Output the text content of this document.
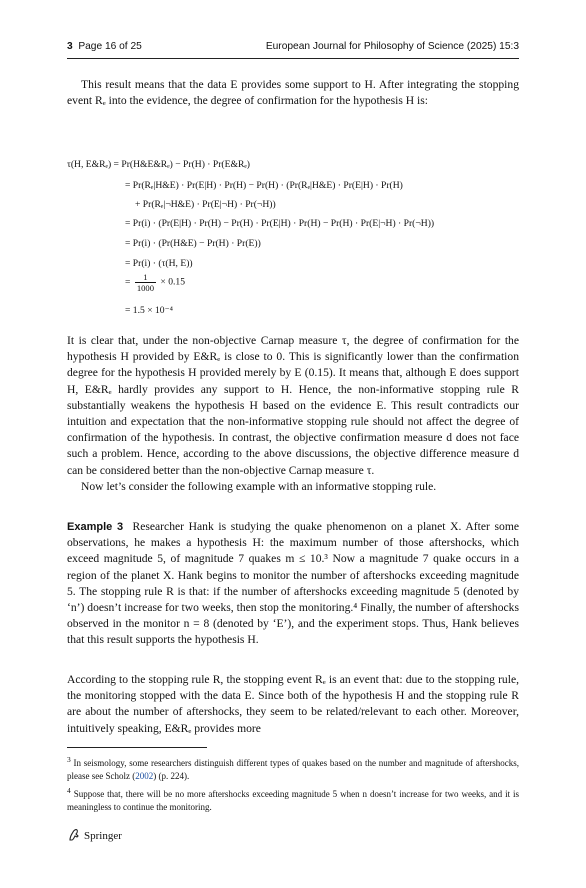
3 Page 16 of 25	European Journal for Philosophy of Science (2025) 15:3

This result means that the data E provides some support to H. After integrating the stopping event Rₑ into the evidence, the degree of confirmation for the hypothesis H is:

τ(H, E&Rₑ) = Pr(H&E&Rₑ) − Pr(H) · Pr(E&Rₑ)
= Pr(Rₑ|H&E) · Pr(E|H) · Pr(H) − Pr(H) · (Pr(Rₑ|H&E) · Pr(E|H) · Pr(H)
+ Pr(Rₑ|¬H&E) · Pr(E|¬H) · Pr(¬H))
= Pr(i) · (Pr(E|H) · Pr(H) − Pr(H) · Pr(E|H) · Pr(H) − Pr(H) · Pr(E|¬H) · Pr(¬H))
= Pr(i) · (Pr(H&E) − Pr(H) · Pr(E))
= Pr(i) · (τ(H, E))
= $\frac{1}{1000} \times 0.15$
= 1.5 × 10⁻⁴

It is clear that, under the non-objective Carnap measure τ, the degree of confirmation for the hypothesis H provided by E&Rₑ is close to 0. This is significantly lower than the confirmation degree for the hypothesis H provided merely by E (0.15). It means that, although E does support H, E&Rₑ hardly provides any support to H. Hence, the non-informative stopping rule R substantially weakens the hypothesis H based on the evidence E. This result contradicts our intuition and expectation that the non-informative stopping rule should not affect the degree of confirmation of the hypothesis. In contrast, the objective confirmation measure d does not face such a problem. Hence, according to the above discussions, the objective difference measure d can be considered better than the non-objective Carnap measure τ.

Now let’s consider the following example with an informative stopping rule.

Example 3 Researcher Hank is studying the quake phenomenon on a planet X. After some observations, he makes a hypothesis H: the maximum number of those aftershocks, which exceed magnitude 5, of magnitude 7 quakes m ≤ 10.³ Now a magnitude 7 quake occurs in a region of the planet X. Hank begins to monitor the number of aftershocks exceeding magnitude 5. The stopping rule R is that: if the number of aftershocks exceeding magnitude 5 (denoted by ‘n’) doesn’t increase for two weeks, then stop the monitoring.⁴ Finally, the number of aftershocks observed in the monitor n = 8 (denoted by ‘E’), and the experiment stops. Thus, Hank believes that this result supports the hypothesis H.

According to the stopping rule R, the stopping event Rₑ is an event that: due to the stopping rule, the monitoring stopped with the data E. Since both of the hypothesis H and the stopping rule R are about the number of aftershocks, they seem to be related/relevant to each other. Moreover, intuitively speaking, E&Rₑ provides more

$^3$ In seismology, some researchers distinguish different types of quakes based on the number and magnitude of aftershocks, please see Scholz (2002) (p. 224).

$^4$ Suppose that, there will be no more aftershocks exceeding magnitude 5 when n doesn’t increase for two weeks, and it is meaningless to continue the monitoring.

Springer
